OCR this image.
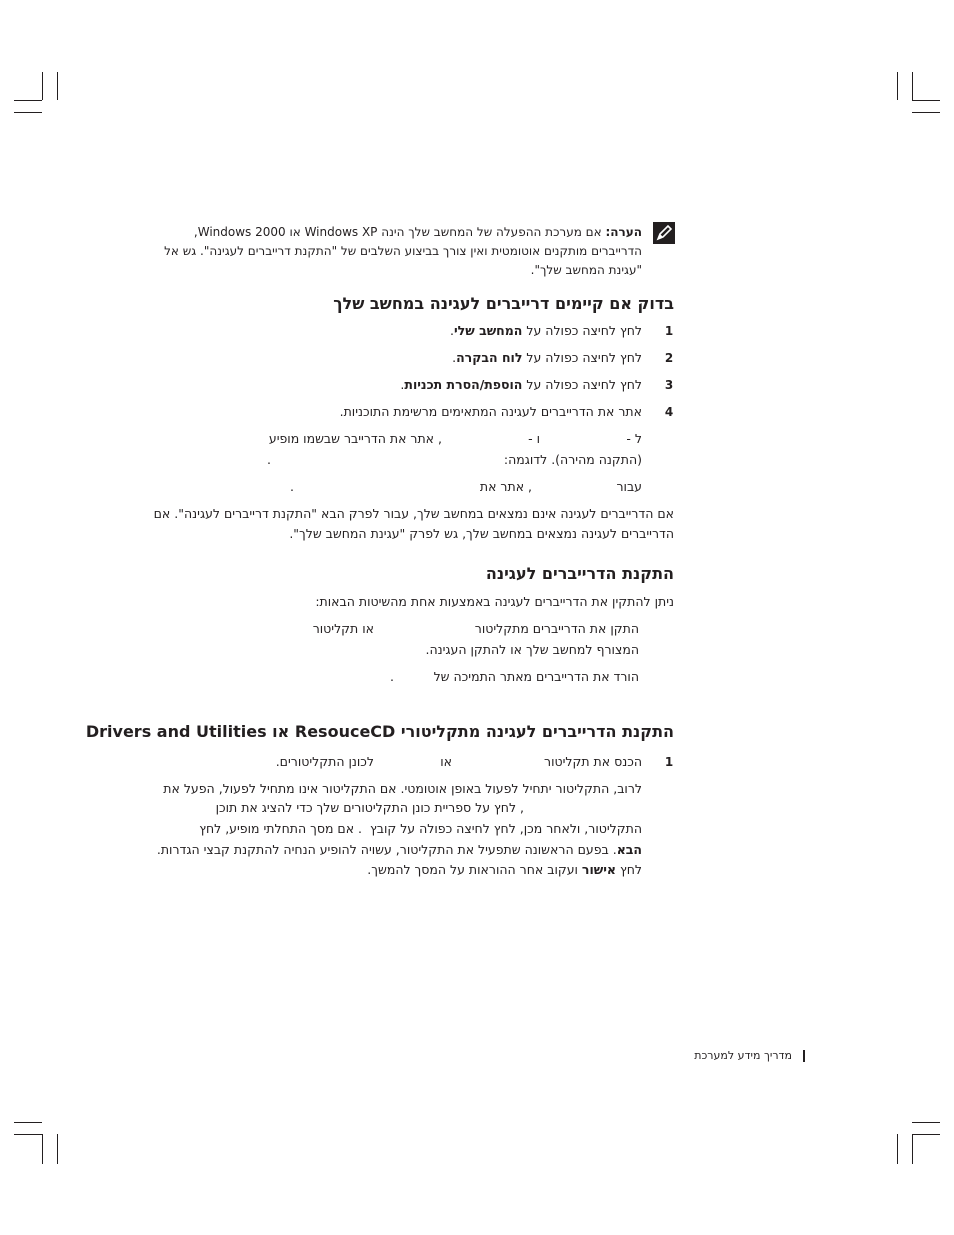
הערה: אם מערכת ההפעלה של המחשב שלך הינה Windows XP או Windows 2000, הדרייברים מותקנים אוטומטית ואין צורך בביצוע השלבים של "התקנת דרייברים לעגינה". גש אל "עגינת המחשב שלך".
בדוק אם קיימים דרייברים לעגינה במחשב שלך
1
לחץ לחיצה כפולה על המחשב שלי.
2
לחץ לחיצה כפולה על לוח הבקרה.
3
לחץ לחיצה כפולה על הוספת/הסרת תכניות.
4
אתר את הדרייברים לעגינה המתאימים מרשימת התוכניות.
ל -
ו -
, אתר את הדרייבר שבשמו מופיע
(התקנה מהירה). לדוגמה:
.
עבור
, אתר את
.
אם הדרייברים לעגינה אינם נמצאים במחשב שלך, עבור לפרק הבא "התקנת דרייברים לעגינה". אם
הדרייברים לעגינה נמצאים במחשב שלך, גש לפרק "עגינת המחשב שלך".
התקנת הדרייברים לעגינה
ניתן להתקין את הדרייברים לעגינה באמצעות אחת מהשיטות הבאות:
התקן את הדרייברים מתקליטור
או תקליטור
המצורף למחשב שלך או להתקן העגינה.
הורד את הדרייברים מאתר התמיכה של
.
התקנת הדרייברים לעגינה מתקליטורי ResouceCD או Drivers and Utilities
1
הכנס את תקליטור
או
לכונן התקליטורים.
לרוב, התקליטור יתחיל לפעול באופן אוטומטי. אם התקליטור אינו מתחיל לפעול, הפעל את
, לחץ על ספריית כונן התקליטורים שלך כדי להציג את תוכן
התקליטור, ולאחר מכן, לחץ לחיצה כפולה על קובץ
. אם מסך התחלתי מופיע, לחץ
הבא. בפעם הראשונה שתפעיל את התקליטור, עשויה להופיע הנחיה להתקנת קבצי הגדרות.
לחץ אישור ועקוב אחר ההוראות על המסך להמשך.
מדריך מידע למערכת
